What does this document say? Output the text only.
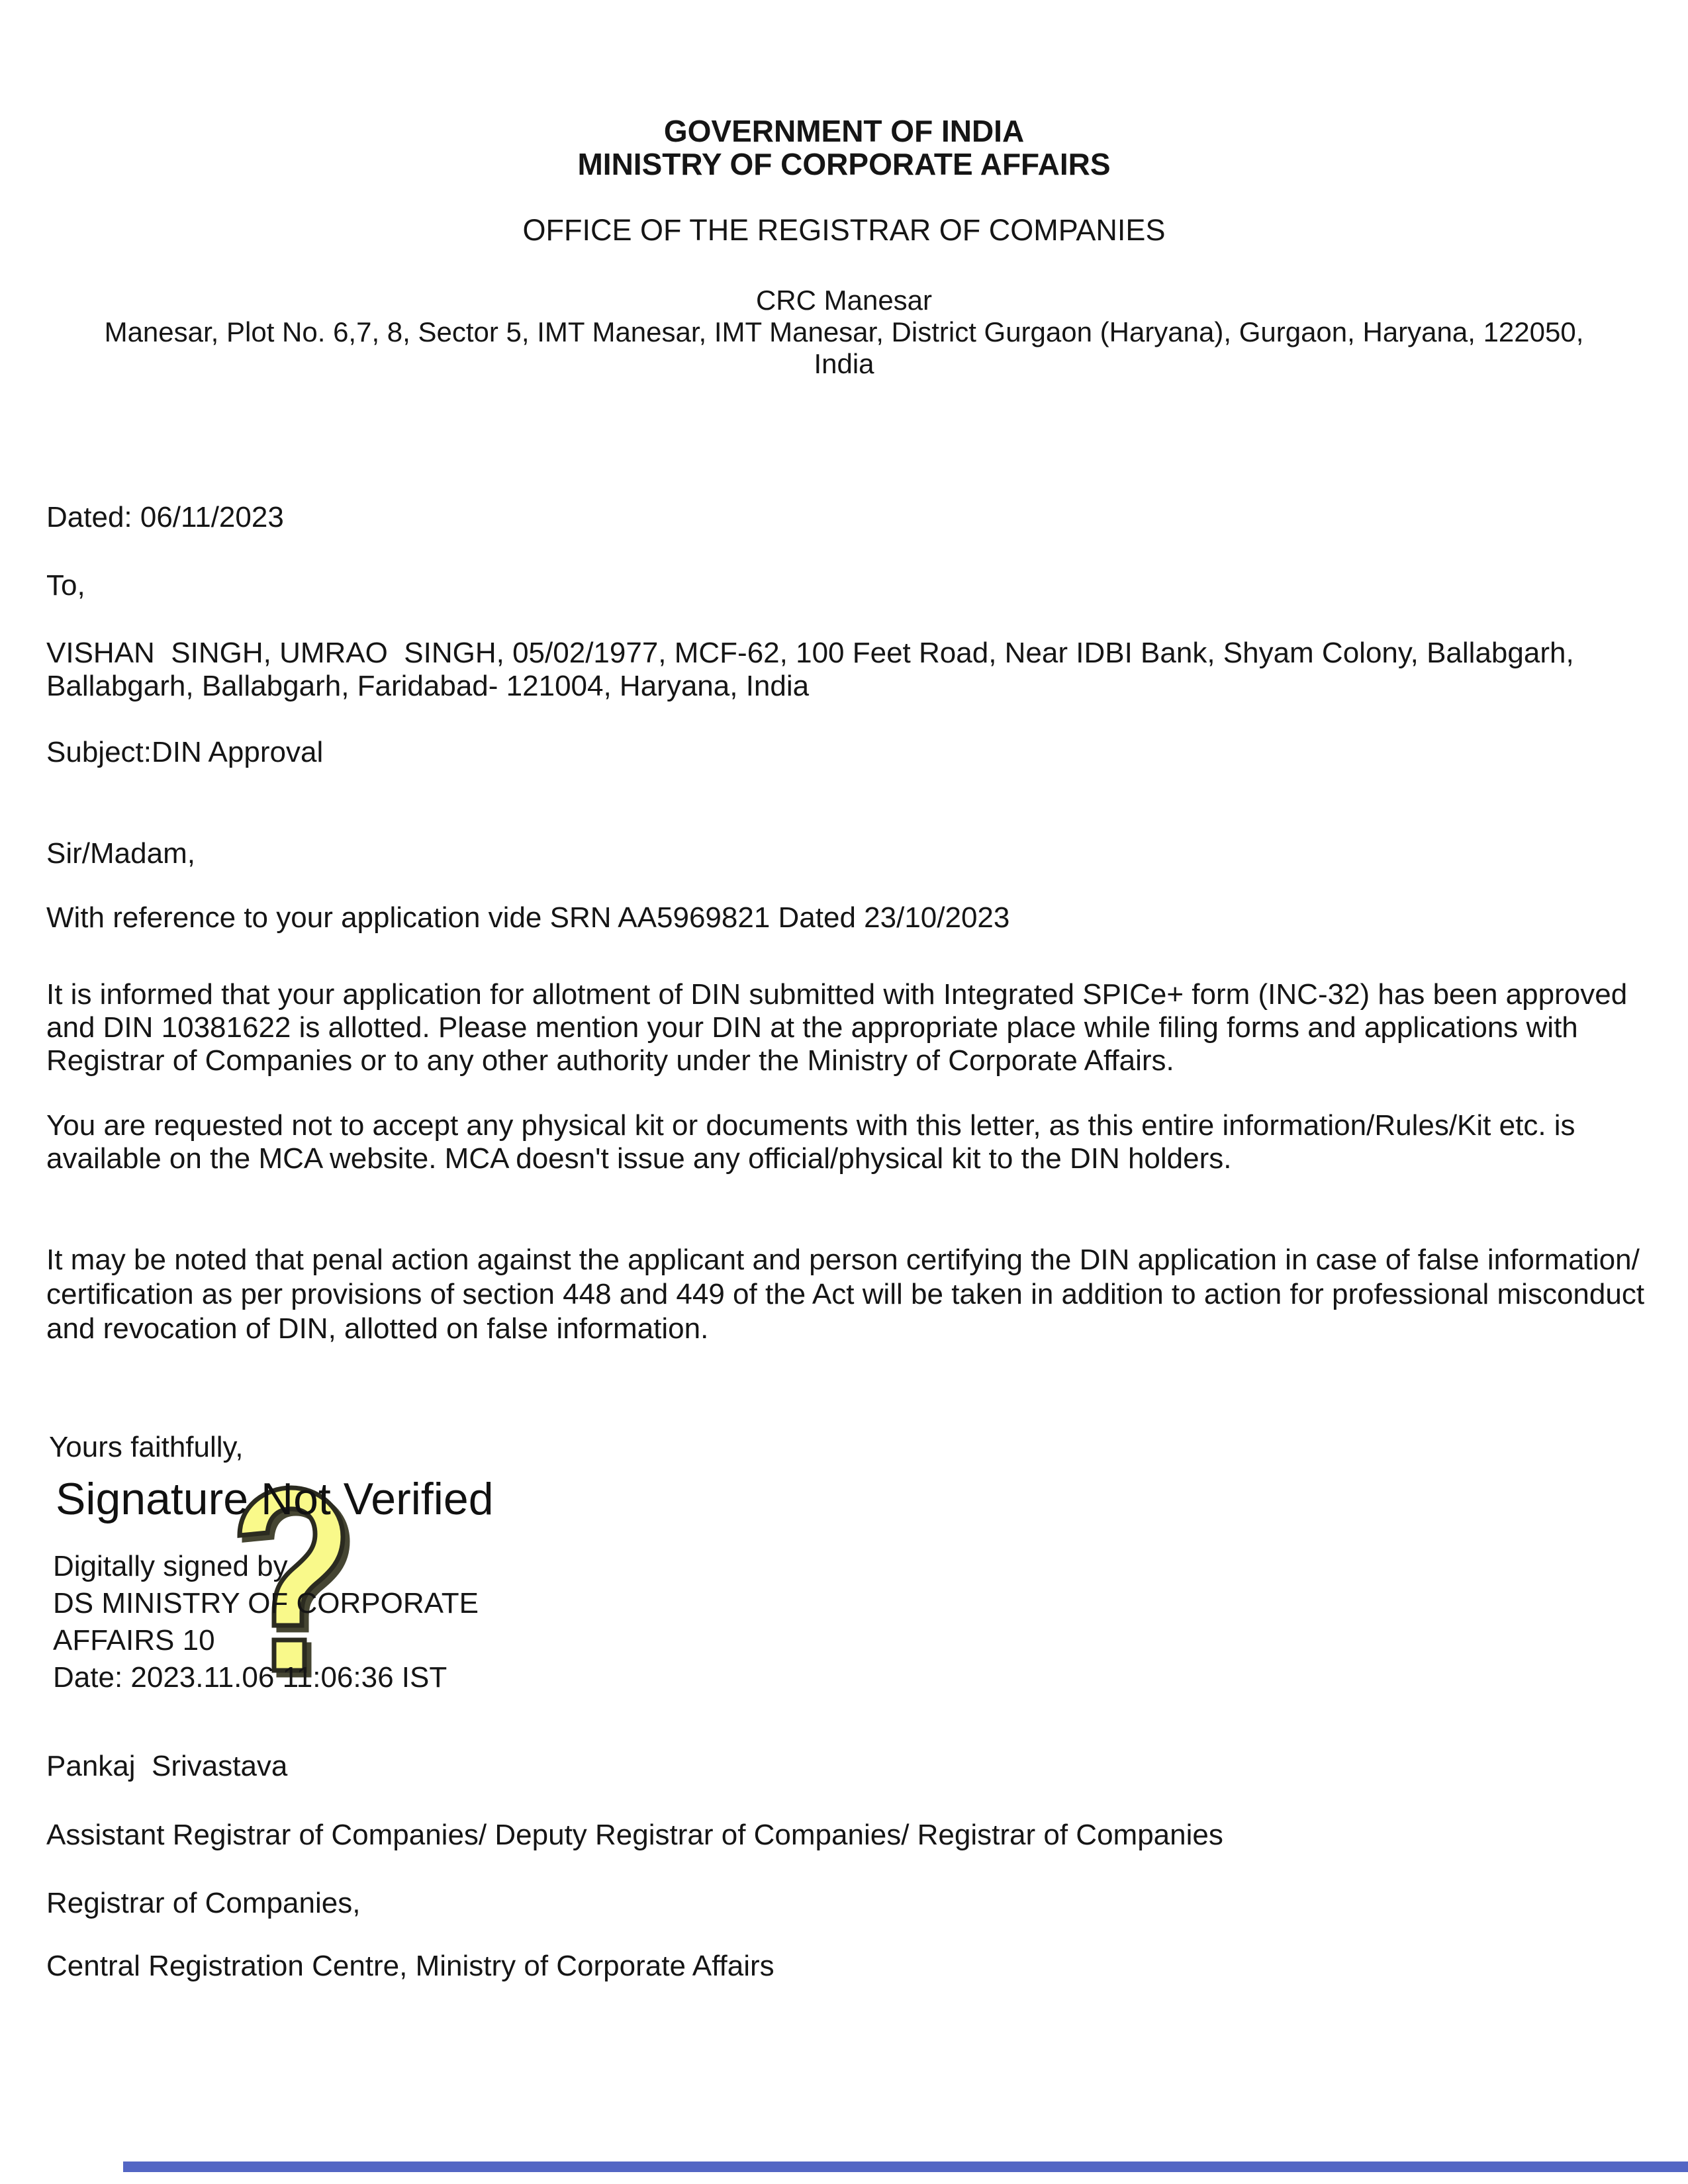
GOVERNMENT OF INDIA
MINISTRY OF CORPORATE AFFAIRS
OFFICE OF THE REGISTRAR OF COMPANIES
CRC Manesar
Manesar, Plot No. 6,7, 8, Sector 5, IMT Manesar, IMT Manesar, District Gurgaon (Haryana), Gurgaon, Haryana, 122050,
India
Dated: 06/11/2023
To,
VISHAN  SINGH, UMRAO  SINGH, 05/02/1977, MCF-62, 100 Feet Road, Near IDBI Bank, Shyam Colony, Ballabgarh, Ballabgarh, Ballabgarh, Faridabad- 121004, Haryana, India
Subject:DIN Approval
Sir/Madam,
With reference to your application vide SRN AA5969821 Dated 23/10/2023
It is informed that your application for allotment of DIN submitted with Integrated SPICe+ form (INC-32) has been approved and DIN 10381622 is allotted. Please mention your DIN at the appropriate place while filing forms and applications with Registrar of Companies or to any other authority under the Ministry of Corporate Affairs.
You are requested not to accept any physical kit or documents with this letter, as this entire information/Rules/Kit etc. is available on the MCA website. MCA doesn't issue any official/physical kit to the DIN holders.
It may be noted that penal action against the applicant and person certifying the DIN application in case of false information/ certification as per provisions of section 448 and 449 of the Act will be taken in addition to action for professional misconduct and revocation of DIN, allotted on false information.
Yours faithfully,
Signature Not Verified
Digitally signed by
DS MINISTRY OF CORPORATE
AFFAIRS 10
Date: 2023.11.06 11:06:36 IST
Pankaj  Srivastava
Assistant Registrar of Companies/ Deputy Registrar of Companies/ Registrar of Companies
Registrar of Companies,
Central Registration Centre, Ministry of Corporate Affairs
